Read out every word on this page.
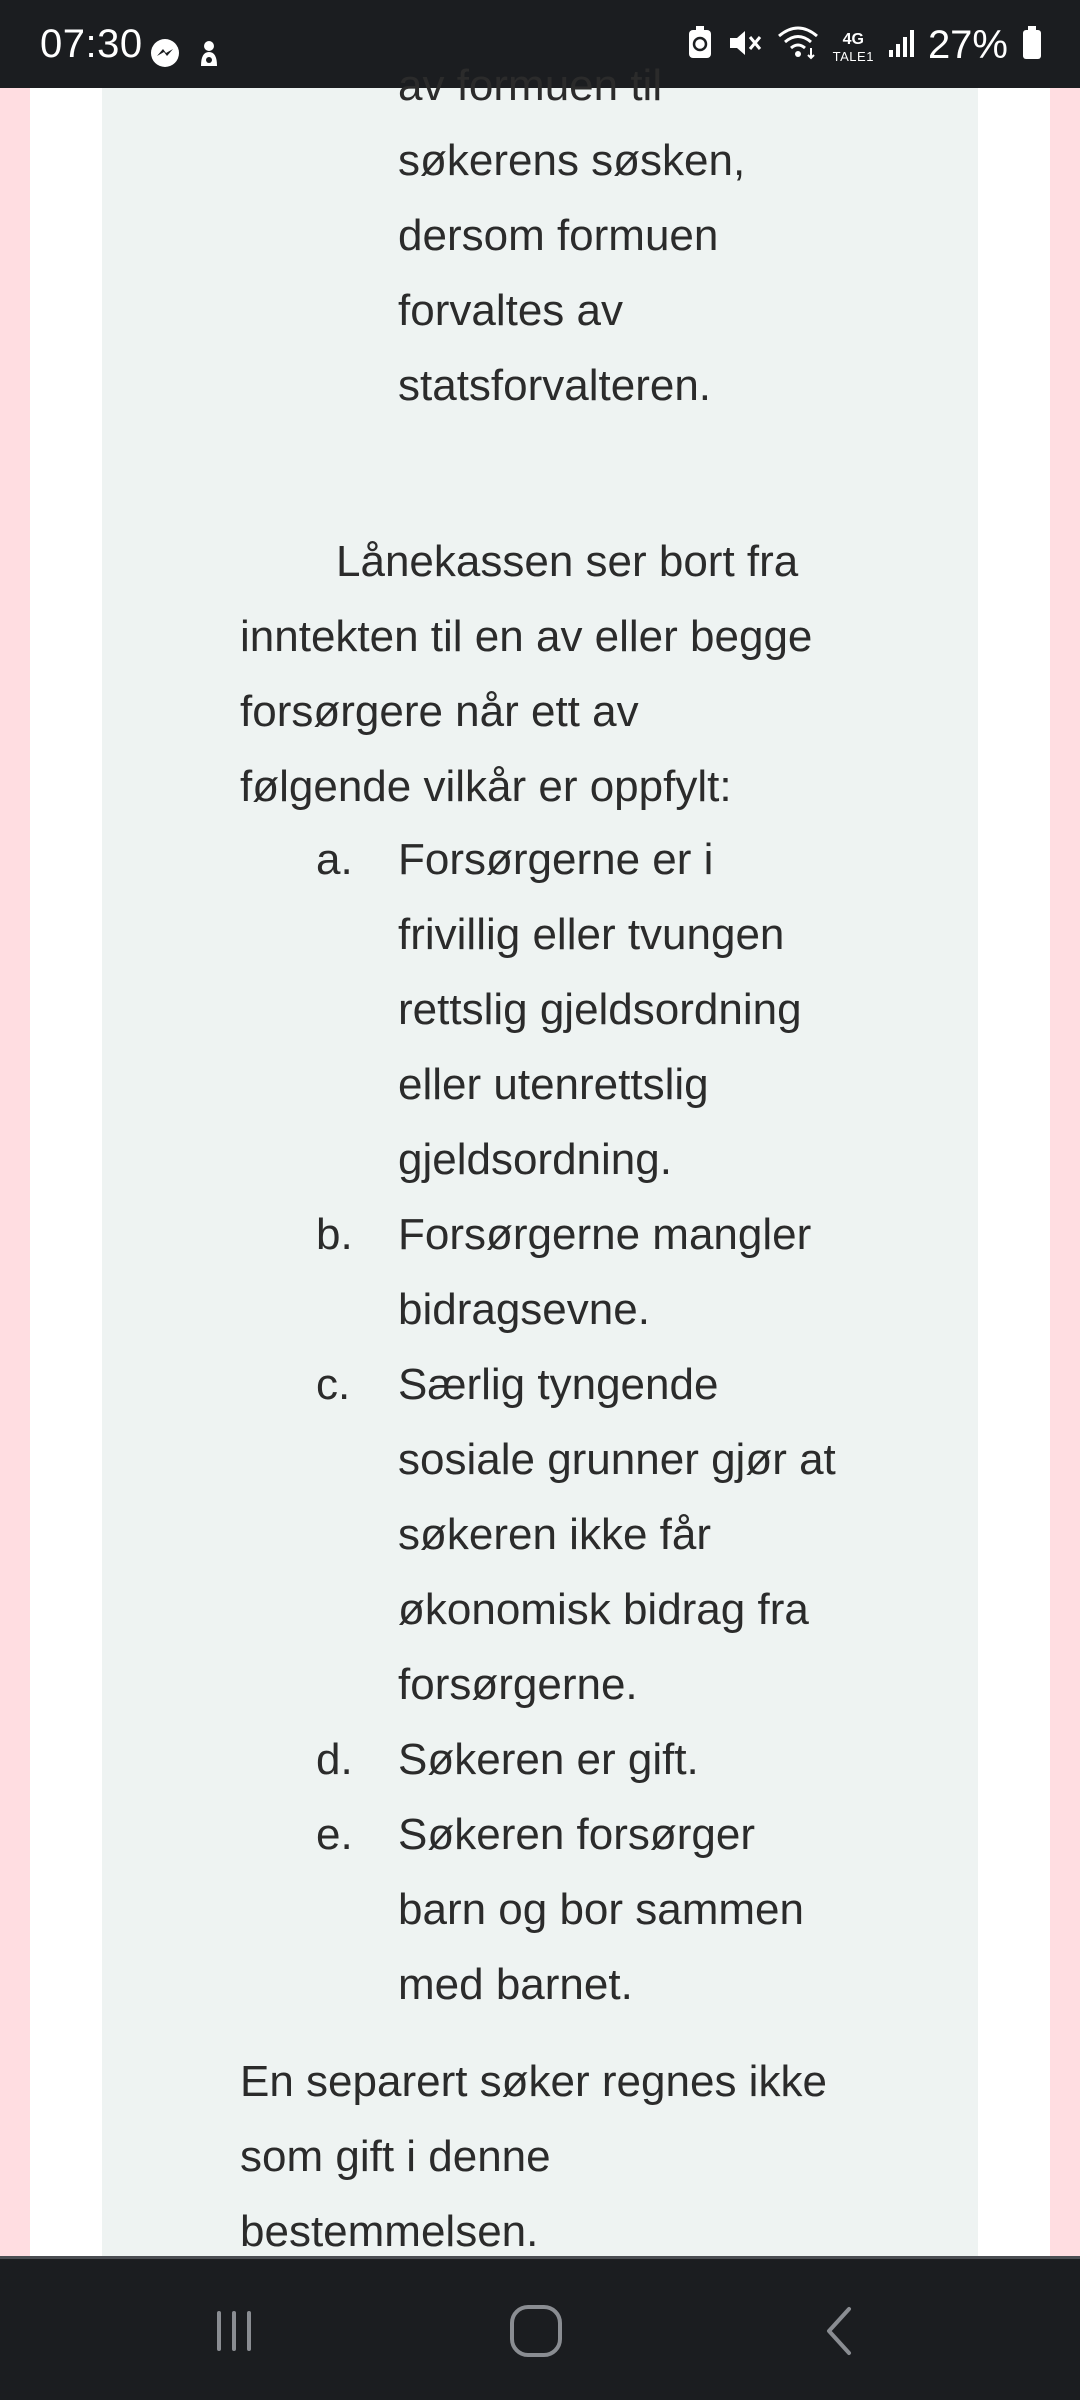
07:30	4G
TALE1 27%
av formuen til
søkerens søsken,
dersom formuen
forvaltes av
statsforvalteren.
Lånekassen ser bort fra
inntekten til en av eller begge
forsørgere når ett av
følgende vilkår er oppfylt:
a. Forsørgerne er i
frivillig eller tvungen
rettslig gjeldsordning
eller utenrettslig
gjeldsordning.
b. Forsørgerne mangler
bidragsevne.
c. Særlig tyngende
sosiale grunner gjør at
søkeren ikke får
økonomisk bidrag fra
forsørgerne.
d. Søkeren er gift.
e. Søkeren forsørger
barn og bor sammen
med barnet.
En separert søker regnes ikke
som gift i denne
bestemmelsen.
